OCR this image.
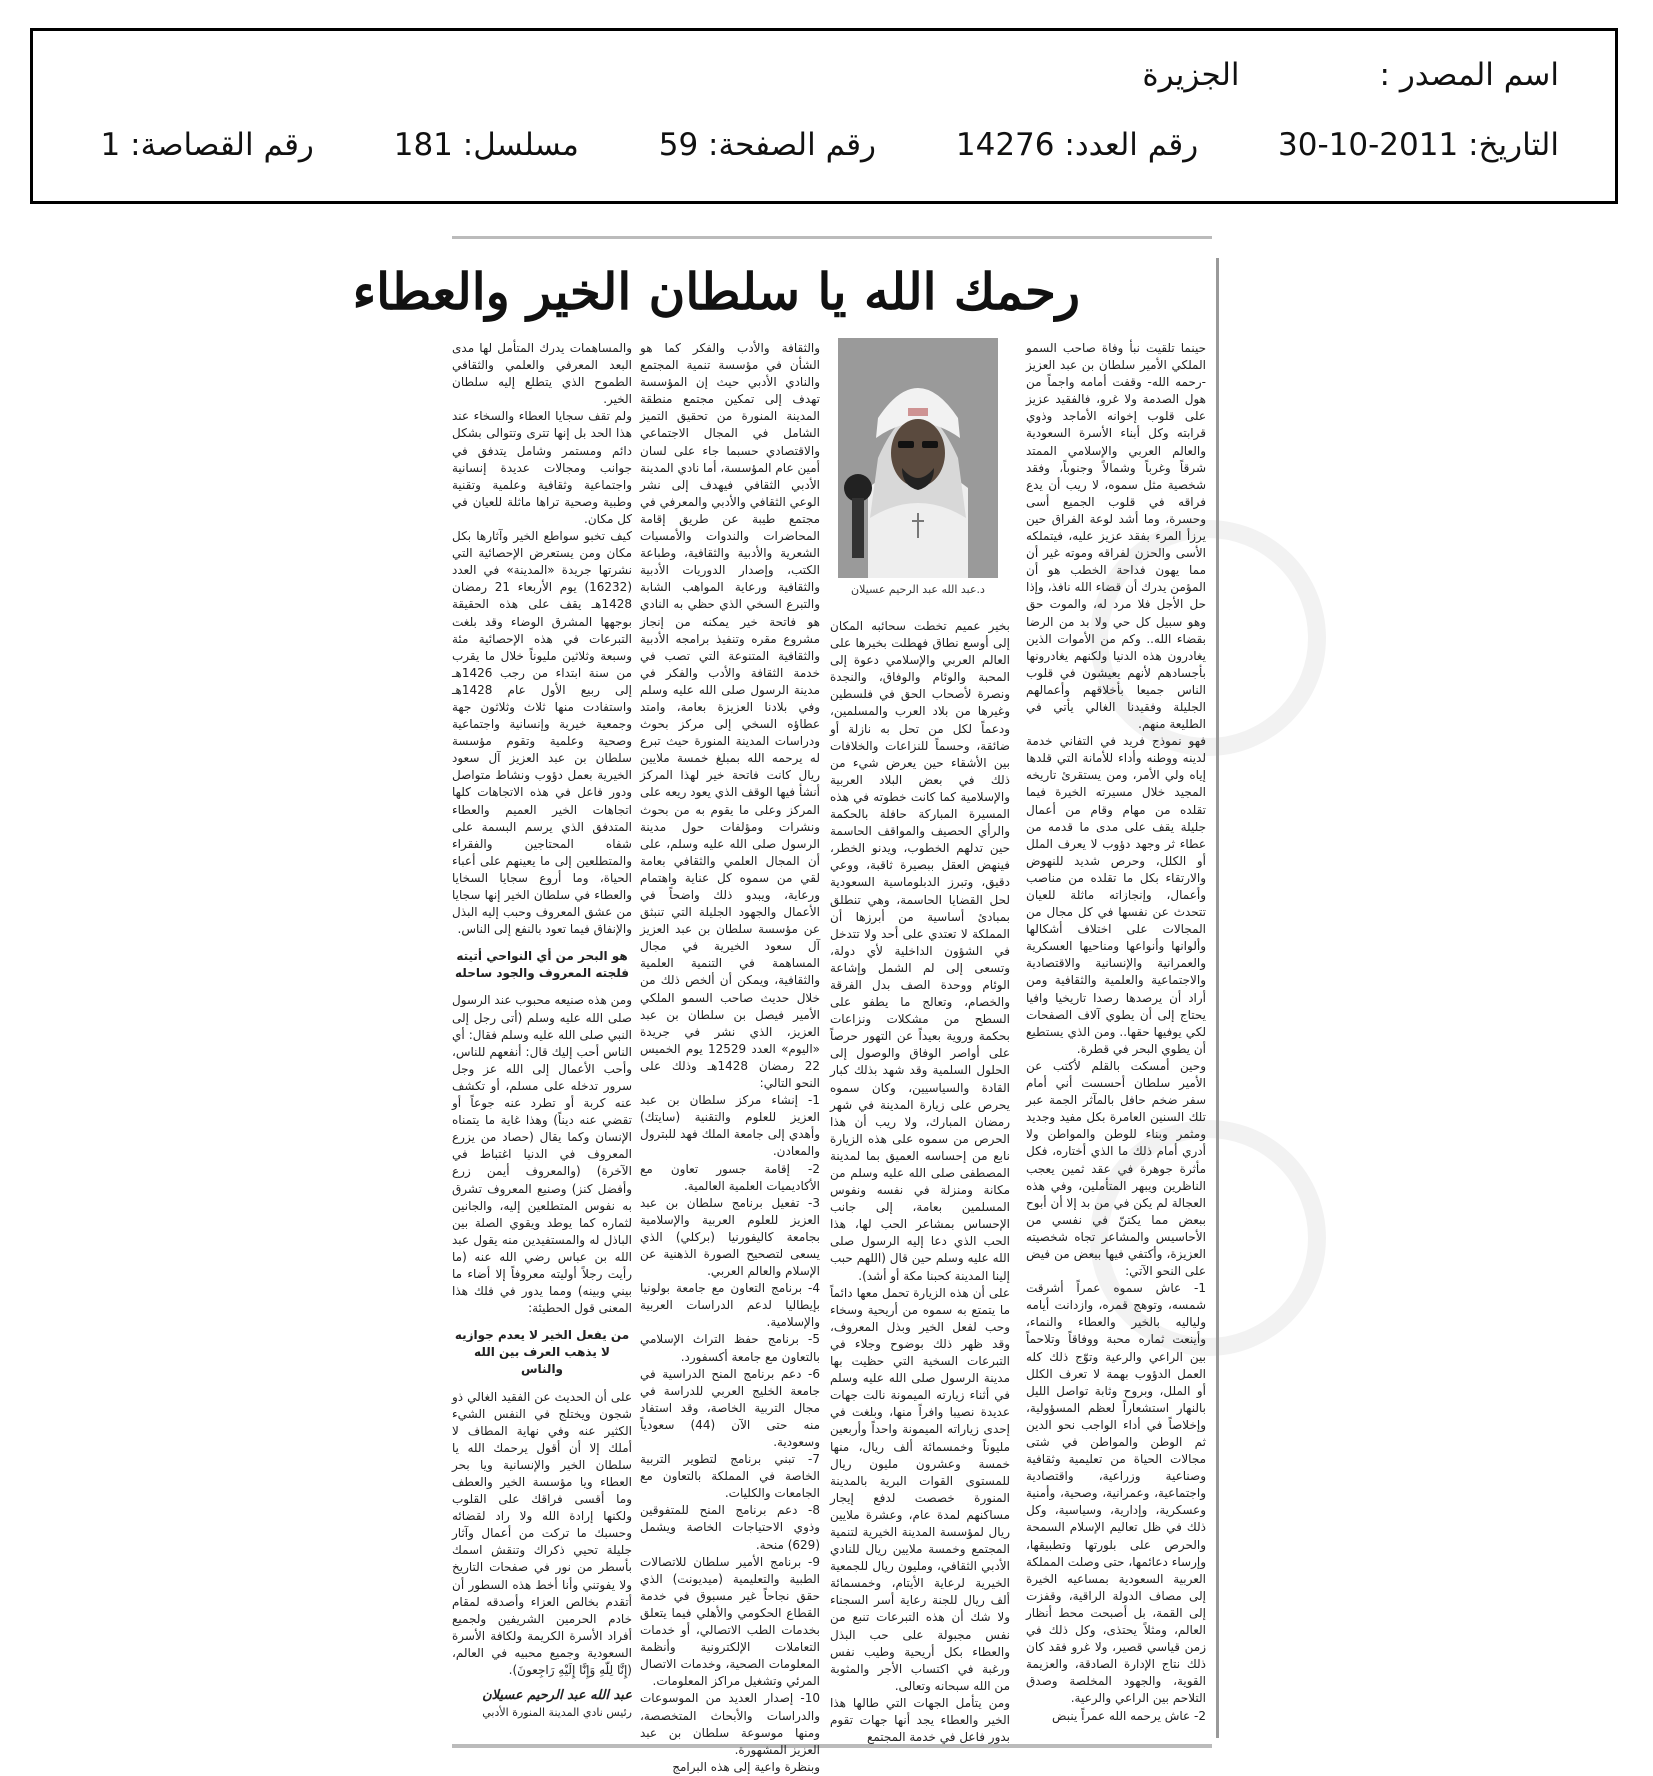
اسم المصدر :الجزيرة
التاريخ: 30-10-2011 رقم العدد: 14276 رقم الصفحة: 59 مسلسل: 181 رقم القصاصة: 1
رحمك الله يا سلطان الخير والعطاء
د.عبد الله عبد الرحيم عسيلان

حينما تلقيت نبأ وفاة صاحب السمو الملكي الأمير سلطان بن عبد العزيز -رحمه الله- وقفت أمامه واجماً من هول الصدمة ولا غرو، فالفقيد عزيز على قلوب إخوانه الأماجد وذوي قرابته وكل أبناء الأسرة السعودية والعالم العربي والإسلامي الممتد شرقاً وغرباً وشمالاً وجنوباً، وفقد شخصية مثل سموه، لا ريب أن يدع فراقه في قلوب الجميع أسى وحسرة، وما أشد لوعة الفراق حين يرزأ المرء بفقد عزيز عليه، فيتملكه الأسى والحزن لفراقه وموته غير أن مما يهون فداحة الخطب هو أن المؤمن يدرك أن قضاء الله نافذ، وإذا حل الأجل فلا مرد له، والموت حق وهو سبيل كل حي ولا بد من الرضا بقضاء الله.. وكم من الأموات الذين يغادرون هذه الدنيا ولكنهم يغادرونها بأجسادهم لأنهم يعيشون في قلوب الناس جميعا بأخلاقهم وأعمالهم الجليلة وفقيدنا الغالي يأتي في الطليعة منهم.

فهو نموذج فريد في التفاني خدمة لدينه ووطنه وأداء للأمانة التي قلدها إياه ولي الأمر، ومن يستقرئ تاريخه المجيد خلال مسيرته الخيرة فيما تقلده من مهام وقام من أعمال جليلة يقف على مدى ما قدمه من عطاء ثر وجهد دؤوب لا يعرف الملل أو الكلل، وحرص شديد للنهوض والارتقاء بكل ما تقلده من مناصب وأعمال، وإنجازاته ماثلة للعيان تتحدث عن نفسها في كل مجال من المجالات على اختلاف أشكالها وألوانها وأنواعها ومناحيها العسكرية والعمرانية والإنسانية والاقتصادية والاجتماعية والعلمية والثقافية ومن أراد أن يرصدها رصدا تاريخيا وافيا يحتاج إلى أن يطوي آلاف الصفحات لكي يوفيها حقها.. ومن الذي يستطيع أن يطوي البحر في قطرة.

وحين أمسكت بالقلم لأكتب عن الأمير سلطان أحسست أني أمام سفر ضخم حافل بالمآثر الجمة عبر تلك السنين العامرة بكل مفيد وجديد ومثمر وبناء للوطن والمواطن ولا أدري أمام ذلك ما الذي أختاره، فكل مأثرة جوهرة في عقد ثمين يعجب الناظرين ويبهر المتأملين، وفي هذه العجالة لم يكن في من بد إلا أن أبوح ببعض مما يكتنّ في نفسي من الأحاسيس والمشاعر تجاه شخصيته العزيزة، وأكتفي فيها ببعض من فيض على النحو الآتي:

1- عاش سموه عمراً أشرقت شمسه، وتوهج قمره، وازدانت أيامه ولياليه بالخير والعطاء والنماء، وأينعت ثماره محبة ووفاقاً وتلاحماً بين الراعي والرعية وتوّج ذلك كله العمل الدؤوب بهمة لا تعرف الكلل أو الملل، وبروح وثابة تواصل الليل بالنهار استشعاراً لعظم المسؤولية، وإخلاصاً في أداء الواجب نحو الدين ثم الوطن والمواطن في شتى مجالات الحياة من تعليمية وثقافية وصناعية وزراعية، واقتصادية واجتماعية، وعمرانية، وصحية، وأمنية وعسكرية، وإدارية، وسياسية، وكل ذلك في ظل تعاليم الإسلام السمحة والحرص على بلورتها وتطبيقها، وإرساء دعائمها، حتى وصلت المملكة العربية السعودية بمساعيه الخيرة إلى مصاف الدولة الراقية، وقفزت إلى القمة، بل أصبحت محط أنظار العالم، ومثلاً يحتذى، وكل ذلك في زمن قياسي قصير، ولا غرو فقد كان ذلك نتاج الإدارة الصادقة، والعزيمة القوية، والجهود المخلصة وصدق التلاحم بين الراعي والرعية.

2- عاش يرحمه الله عمراً ينبض

بخير عميم تخطت سحائبه المكان إلى أوسع نطاق فهطلت بخيرها على العالم العربي والإسلامي دعوة إلى المحبة والوئام والوفاق، والنجدة ونصرة لأصحاب الحق في فلسطين وغيرها من بلاد العرب والمسلمين، ودعماً لكل من تحل به نازلة أو ضائقة، وحسماً للنزاعات والخلافات بين الأشقاء حين يعرض شيء من ذلك في بعض البلاد العربية والإسلامية كما كانت خطوته في هذه المسيرة المباركة حافلة بالحكمة والرأي الحصيف والمواقف الحاسمة حين تدلهم الخطوب، ويدنو الخطر، فينهض العقل ببصيرة ثاقبة، ووعي دقيق، وتبرز الدبلوماسية السعودية لحل القضايا الحاسمة، وهي تنطلق بمبادئ أساسية من أبرزها أن المملكة لا تعتدي على أحد ولا تتدخل في الشؤون الداخلية لأي دولة، وتسعى إلى لم الشمل وإشاعة الوئام ووحدة الصف بدل الفرقة والخصام، وتعالج ما يطفو على السطح من مشكلات ونزاعات بحكمة وروية بعيداً عن التهور حرصاً على أواصر الوفاق والوصول إلى الحلول السلمية وقد شهد بذلك كبار القادة والسياسيين، وكان سموه يحرص على زيارة المدينة في شهر رمضان المبارك، ولا ريب أن هذا الحرص من سموه على هذه الزيارة نابع من إحساسه العميق بما لمدينة المصطفى صلى الله عليه وسلم من مكانة ومنزلة في نفسه ونفوس المسلمين بعامة، إلى جانب الإحساس بمشاعر الحب لها، هذا الحب الذي دعا إليه الرسول صلى الله عليه وسلم حين قال (اللهم حبب إلينا المدينة كحبنا مكة أو أشد).

على أن هذه الزيارة تحمل معها دائماً ما يتمتع به سموه من أريحية وسخاء وحب لفعل الخير وبذل المعروف، وقد ظهر ذلك بوضوح وجلاء في التبرعات السخية التي حظيت بها مدينة الرسول صلى الله عليه وسلم في أثناء زيارته الميمونة نالت جهات عديدة نصيبا وافراً منها، وبلغت في إحدى زياراته الميمونة واحداً وأربعين مليوناً وخمسمائة ألف ريال، منها خمسة وعشرون مليون ريال للمستوى القوات البرية بالمدينة المنورة خصصت لدفع إيجار مساكنهم لمدة عام، وعشرة ملايين ريال لمؤسسة المدينة الخيرية لتنمية المجتمع وخمسة ملايين ريال للنادي الأدبي الثقافي، ومليون ريال للجمعية الخيرية لرعاية الأيتام، وخمسمائة ألف ريال للجنة رعاية أسر السجناء ولا شك أن هذه التبرعات تنبع من نفس مجبولة على حب البذل والعطاء بكل أريحية وطيب نفس ورغبة في اكتساب الأجر والمثوبة من الله سبحانه وتعالى.

ومن يتأمل الجهات التي طالها هذا الخير والعطاء يجد أنها جهات تقوم بدور فاعل في خدمة المجتمع

والثقافة والأدب والفكر كما هو الشأن في مؤسسة تنمية المجتمع والنادي الأدبي حيث إن المؤسسة تهدف إلى تمكين مجتمع منطقة المدينة المنورة من تحقيق التميز الشامل في المجال الاجتماعي والاقتصادي حسبما جاء على لسان أمين عام المؤسسة، أما نادي المدينة الأدبي الثقافي فيهدف إلى نشر الوعي الثقافي والأدبي والمعرفي في مجتمع طيبة عن طريق إقامة المحاضرات والندوات والأمسيات الشعرية والأدبية والثقافية، وطباعة الكتب، وإصدار الدوريات الأدبية والثقافية ورعاية المواهب الشابة والتبرع السخي الذي حظي به النادي هو فاتحة خير يمكنه من إنجاز مشروع مقره وتنفيذ برامجه الأدبية والثقافية المتنوعة التي تصب في خدمة الثقافة والأدب والفكر في مدينة الرسول صلى الله عليه وسلم وفي بلادنا العزيزة بعامة، وامتد عطاؤه السخي إلى مركز بحوث ودراسات المدينة المنورة حيث تبرع له يرحمه الله بمبلغ خمسة ملايين ريال كانت فاتحة خير لهذا المركز أنشأ فيها الوقف الذي يعود ريعه على المركز وعلى ما يقوم به من بحوث ونشرات ومؤلفات حول مدينة الرسول صلى الله عليه وسلم، على أن المجال العلمي والثقافي بعامة لقي من سموه كل عناية واهتمام ورعاية، ويبدو ذلك واضحاً في الأعمال والجهود الجليلة التي تنبثق عن مؤسسة سلطان بن عبد العزيز آل سعود الخيرية في مجال المساهمة في التنمية العلمية والثقافية، ويمكن أن ألخص ذلك من خلال حديث صاحب السمو الملكي الأمير فيصل بن سلطان بن عبد العزيز، الذي نشر في جريدة «اليوم» العدد 12529 يوم الخميس 22 رمضان 1428هـ وذلك على النحو التالي:

1- إنشاء مركز سلطان بن عبد العزيز للعلوم والتقنية (سايتك) وأهدي إلى جامعة الملك فهد للبترول والمعادن.

2- إقامة جسور تعاون مع الأكاديميات العلمية العالمية.

3- تفعيل برنامج سلطان بن عبد العزيز للعلوم العربية والإسلامية بجامعة كاليفورنيا (بركلي) الذي يسعى لتصحيح الصورة الذهنية عن الإسلام والعالم العربي.

4- برنامج التعاون مع جامعة بولونيا بإيطاليا لدعم الدراسات العربية والإسلامية.

5- برنامج حفظ التراث الإسلامي بالتعاون مع جامعة أكسفورد.

6- دعم برنامج المنح الدراسية في جامعة الخليج العربي للدراسة في مجال التربية الخاصة، وقد استفاد منه حتى الآن (44) سعودياً وسعودية.

7- تبني برنامج لتطوير التربية الخاصة في المملكة بالتعاون مع الجامعات والكليات.

8- دعم برنامج المنح للمتفوقين وذوي الاحتياجات الخاصة ويشمل (629) منحة.

9- برنامج الأمير سلطان للاتصالات الطبية والتعليمية (ميديونت) الذي حقق نجاحاً غير مسبوق في خدمة القطاع الحكومي والأهلي فيما يتعلق بخدمات الطب الاتصالي، أو خدمات التعاملات الإلكترونية وأنظمة المعلومات الصحية، وخدمات الاتصال المرئي وتشغيل مراكز المعلومات.

10- إصدار العديد من الموسوعات والدراسات والأبحاث المتخصصة، ومنها موسوعة سلطان بن عبد العزيز المشهورة.

وبنظرة واعية إلى هذه البرامج

والمساهمات يدرك المتأمل لها مدى البعد المعرفي والعلمي والثقافي الطموح الذي يتطلع إليه سلطان الخير.

ولم تقف سجايا العطاء والسخاء عند هذا الحد بل إنها تترى وتتوالى بشكل دائم ومستمر وشامل يتدفق في جوانب ومجالات عديدة إنسانية واجتماعية وثقافية وعلمية وتقنية وطبية وصحية تراها ماثلة للعيان في كل مكان.

كيف تخبو سواطع الخير وآثارها بكل مكان ومن يستعرض الإحصائية التي نشرتها جريدة «المدينة» في العدد (16232) يوم الأربعاء 21 رمضان 1428هـ يقف على هذه الحقيقة بوجهها المشرق الوضاء وقد بلغت التبرعات في هذه الإحصائية مئة وسبعة وثلاثين مليوناً خلال ما يقرب من سنة ابتداء من رجب 1426هـ إلى ربيع الأول عام 1428هـ واستفادت منها ثلاث وثلاثون جهة وجمعية خيرية وإنسانية واجتماعية وصحية وعلمية وتقوم مؤسسة سلطان بن عبد العزيز آل سعود الخيرية بعمل دؤوب ونشاط متواصل ودور فاعل في هذه الاتجاهات كلها اتجاهات الخير العميم والعطاء المتدفق الذي يرسم البسمة على شفاه المحتاجين والفقراء والمتطلعين إلى ما يعينهم على أعباء الحياة، وما أروع سجايا السخايا والعطاء في سلطان الخير إنها سجايا من عشق المعروف وحبب إليه البذل والإنفاق فيما تعود بالنفع إلى الناس.

هو البحر من أي النواحي أتيته فلجته المعروف والجود ساحله

ومن هذه صنيعه محبوب عند الرسول صلى الله عليه وسلم (أتى رجل إلى النبي صلى الله عليه وسلم فقال: أي الناس أحب إليك قال: أنفعهم للناس، وأحب الأعمال إلى الله عز وجل سرور تدخله على مسلم، أو تكشف عنه كربة أو تطرد عنه جوعاً أو تقضي عنه ديناً) وهذا غاية ما يتمناه الإنسان وكما يقال (حصاد من يزرع المعروف في الدنيا اغتباط في الآخرة) (والمعروف أيمن زرع وأفضل كنز) وصنيع المعروف تشرق به نفوس المتطلعين إليه، والجانين لثماره كما يوطد ويقوي الصلة بين الباذل له والمستفيدين منه يقول عبد الله بن عباس رضي الله عنه (ما رأيت رجلاً أوليته معروفاً إلا أضاء ما بيني وبينه) ومما يدور في فلك هذا المعنى قول الحطيئة:

من يفعل الخير لا يعدم جوازيه لا يذهب العرف بين الله والناس

على أن الحديث عن الفقيد الغالي ذو شجون ويختلج في النفس الشيء الكثير عنه وفي نهاية المطاف لا أملك إلا أن أقول يرحمك الله يا سلطان الخير والإنسانية ويا بحر العطاء ويا مؤسسة الخير والعطف وما أقسى فراقك على القلوب ولكنها إرادة الله ولا راد لقضائه وحسبك ما تركت من أعمال وآثار جليلة تحيي ذكراك وتنقش اسمك بأسطر من نور في صفحات التاريخ ولا يفوتني وأنا أخط هذه السطور أن أتقدم بخالص العزاء وأصدقه لمقام خادم الحرمين الشريفين ولجميع أفراد الأسرة الكريمة ولكافة الأسرة السعودية وجميع محبيه في العالم، (إِنَّا لِلّهِ وَإِنَّا إِلَيْهِ رَاجِعونَ).

عبد الله عبد الرحيم عسيلان

رئيس نادي المدينة المنورة الأدبي
